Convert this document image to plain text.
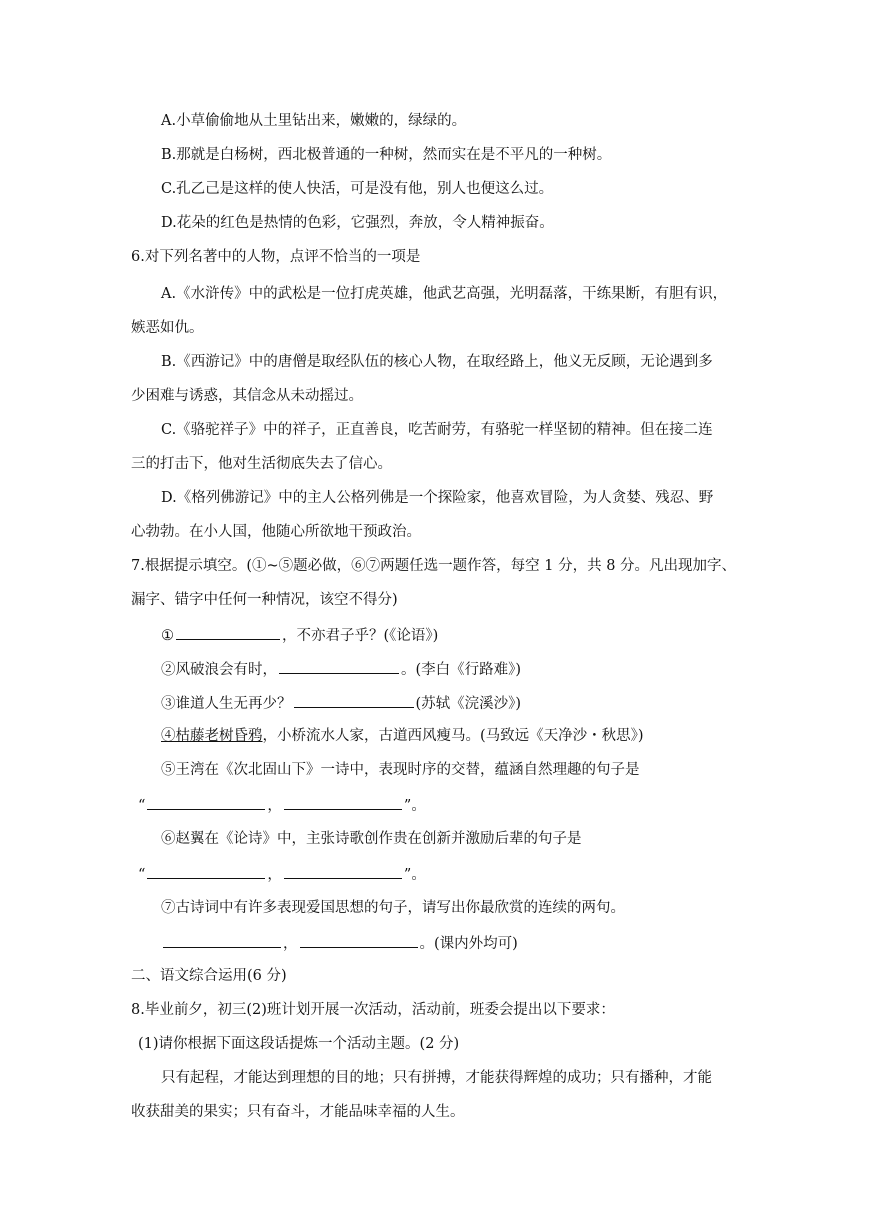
A.小草偷偷地从土里钻出来，嫩嫩的，绿绿的。
B.那就是白杨树，西北极普通的一种树，然而实在是不平凡的一种树。
C.孔乙己是这样的使人快活，可是没有他，别人也便这么过。
D.花朵的红色是热情的色彩，它强烈，奔放，令人精神振奋。
6.对下列名著中的人物，点评不恰当的一项是
A.《水浒传》中的武松是一位打虎英雄，他武艺高强，光明磊落，干练果断，有胆有识，
嫉恶如仇。
B.《西游记》中的唐僧是取经队伍的核心人物，在取经路上，他义无反顾，无论遇到多
少困难与诱惑，其信念从未动摇过。
C.《骆驼祥子》中的祥子，正直善良，吃苦耐劳，有骆驼一样坚韧的精神。但在接二连
三的打击下，他对生活彻底失去了信心。
D.《格列佛游记》中的主人公格列佛是一个探险家，他喜欢冒险，为人贪婪、残忍、野
心勃勃。在小人国，他随心所欲地干预政治。
7.根据提示填空。(①~⑤题必做，⑥⑦两题任选一题作答，每空 1 分，共 8 分。凡出现加字、
漏字、错字中任何一种情况，该空不得分)
①	，不亦君子乎？(《论语》)
②风破浪会有时，	。(李白《行路难》)
③谁道人生无再少？	(苏轼《浣溪沙》)
④枯藤老树昏鸦，小桥流水人家，古道西风瘦马。(马致远《天净沙・秋思》)
⑤王湾在《次北固山下》一诗中，表现时序的交替，蕴涵自然理趣的句子是
“	，	”。
⑥赵翼在《论诗》中，主张诗歌创作贵在创新并激励后辈的句子是
“	，	”。
⑦古诗词中有许多表现爱国思想的句子，请写出你最欣赏的连续的两句。
，	。(课内外均可)
二、语文综合运用(6 分)
8.毕业前夕，初三(2)班计划开展一次活动，活动前，班委会提出以下要求：
(1)请你根据下面这段话提炼一个活动主题。(2 分)
只有起程，才能达到理想的目的地；只有拼搏，才能获得辉煌的成功；只有播种，才能
收获甜美的果实；只有奋斗，才能品味幸福的人生。
